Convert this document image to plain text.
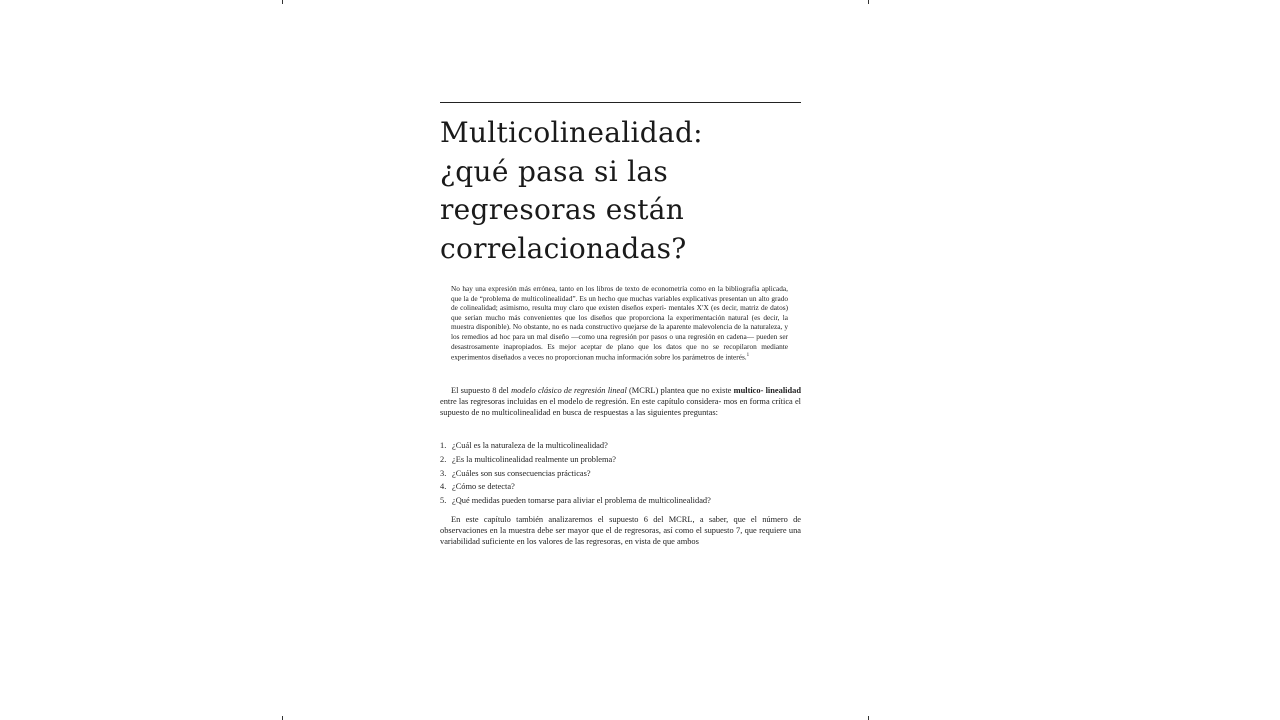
Multicolinealidad:
¿qué pasa si las
regresoras están
correlacionadas?
No hay una expresión más errónea, tanto en los libros de texto de econometría como en la bibliografía aplicada, que la de “problema de multicolinealidad”. Es un hecho que muchas variables explicativas presentan un alto grado de colinealidad; asimismo, resulta muy claro que existen diseños experi- mentales X′X (es decir, matriz de datos) que serían mucho más convenientes que los diseños que proporciona la experimentación natural (es decir, la muestra disponible). No obstante, no es nada constructivo quejarse de la aparente malevolencia de la naturaleza, y los remedios ad hoc para un mal diseño —como una regresión por pasos o una regresión en cadena— pueden ser desastrosamente inapropiados. Es mejor aceptar de plano que los datos que no se recopilaron mediante experimentos diseñados a veces no proporcionan mucha información sobre los parámetros de interés.$^1$

El supuesto 8 del modelo clásico de regresión lineal (MCRL) plantea que no existe multico- linealidad entre las regresoras incluidas en el modelo de regresión. En este capítulo considera- mos en forma crítica el supuesto de no multicolinealidad en busca de respuestas a las siguientes preguntas:

1. ¿Cuál es la naturaleza de la multicolinealidad?
2. ¿Es la multicolinealidad realmente un problema?
3. ¿Cuáles son sus consecuencias prácticas?
4. ¿Cómo se detecta?
5. ¿Qué medidas pueden tomarse para aliviar el problema de multicolinealidad?

En este capítulo también analizaremos el supuesto 6 del MCRL, a saber, que el número de observaciones en la muestra debe ser mayor que el de regresoras, así como el supuesto 7, que requiere una variabilidad suficiente en los valores de las regresoras, en vista de que ambos
